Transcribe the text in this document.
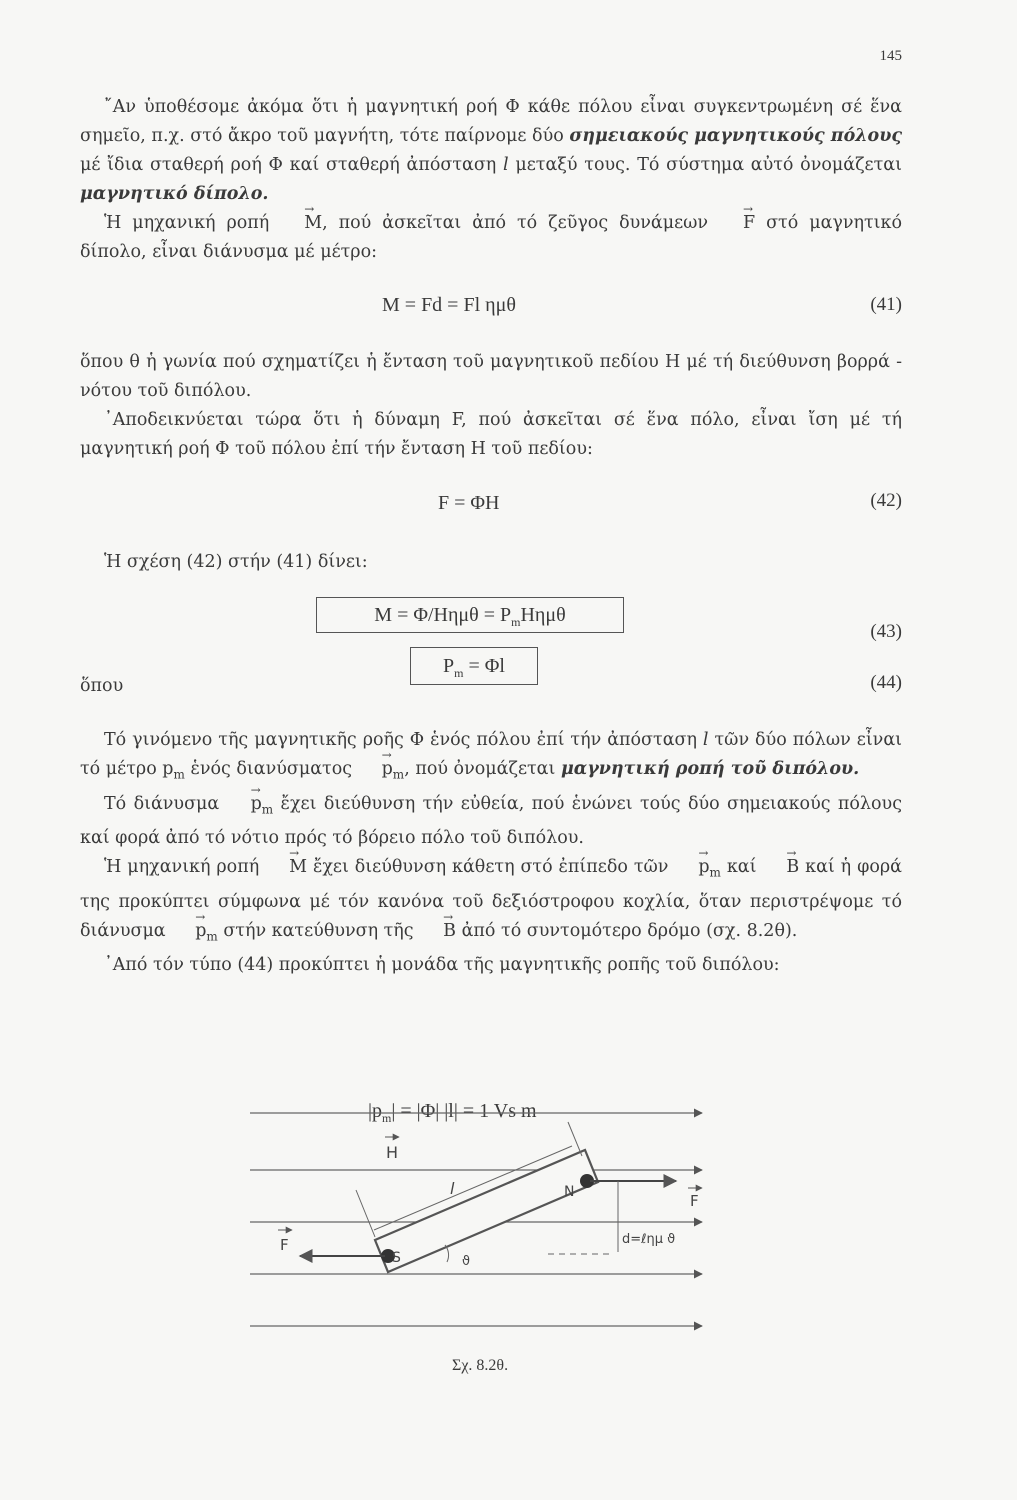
145

῎Αν ὑποθέσομε ἀκόμα ὅτι ἡ μαγνητική ροή Φ κάθε πόλου εἶναι συγκεντρωμένη σέ ἕνα σημεῖο, π.χ. στό ἄκρο τοῦ μαγνήτη, τότε παίρνομε δύο σημειακούς μαγνητικούς πόλους μέ ἴδια σταθερή ροή Φ καί σταθερή ἀπόσταση l μεταξύ τους. Τό σύστημα αὐτό ὀνομάζεται μαγνητικό δίπολο.

Ἡ μηχανική ροπή → M, πού ἀσκεῖται ἀπό τό ζεῦγος δυνάμεων → F στό μαγνητικό δίπολο, εἶναι διάνυσμα μέ μέτρο:

M = Fd = Fl ημθ	(41)

ὅπου θ ἡ γωνία πού σχηματίζει ἡ ἔνταση τοῦ μαγνητικοῦ πεδίου H μέ τή διεύθυνση βορρά - νότου τοῦ διπόλου.

᾿Αποδεικνύεται τώρα ὅτι ἡ δύναμη F, πού ἀσκεῖται σέ ἕνα πόλο, εἶναι ἴση μέ τή μαγνητική ροή Φ τοῦ πόλου ἐπί τήν ἔνταση H τοῦ πεδίου:

F = ΦH	(42)

Ἡ σχέση (42) στήν (41) δίνει:

$M = \Phi/H\eta\mu\theta = P_mH\eta\mu\theta$
(43)
$P_m = \Phi l$
(44)

ὅπου

Τό γινόμενο τῆς μαγνητικῆς ροῆς Φ ἑνός πόλου ἐπί τήν ἀπόσταση l τῶν δύο πόλων εἶναι τό μέτρο $p_m$ ἑνός $\delta\iota\alpha\nu ύ\sigma\mu\alpha\tau o\varsigma \to p_m$, πού ὀνομάζεται μαγνητική ροπή τοῦ διπόλου.

Τό $\delta\iota ά\nu\upsilon\sigma\mu\alpha \to p_m$ ἔχει διεύθυνση τήν εὐθεία, πού ἑνώνει τούς δύο σημειακούς πόλους καί φορά ἀπό τό νότιο πρός τό βόρειο πόλο τοῦ διπόλου.

Ἡ μηχανική ροπή → M ἔχει διεύθυνση κάθετη στό ἐπίπεδο τῶν → $p_m$ καί → B καί ἡ φορά της προκύπτει σύμφωνα μέ τόν κανόνα τοῦ δεξιόστροφου κοχλία, ὅταν περιστρέψομε τό $\delta\iota ά\nu\upsilon\sigma\mu\alpha \to p_m$ στήν κατεύθυνση τῆς → B ἀπό τό συντομότερο δρόμο (σχ. 8.2θ).

᾿Από τόν τύπο (44) προκύπτει ἡ μονάδα τῆς μαγνητικῆς ροπῆς τοῦ διπόλου:

$|p_m| = |\Phi|$ |l| = 1 Vs m
H
F
F
l	N
S	ϑ
d=ℓημ ϑ
Σχ. 8.2θ.
